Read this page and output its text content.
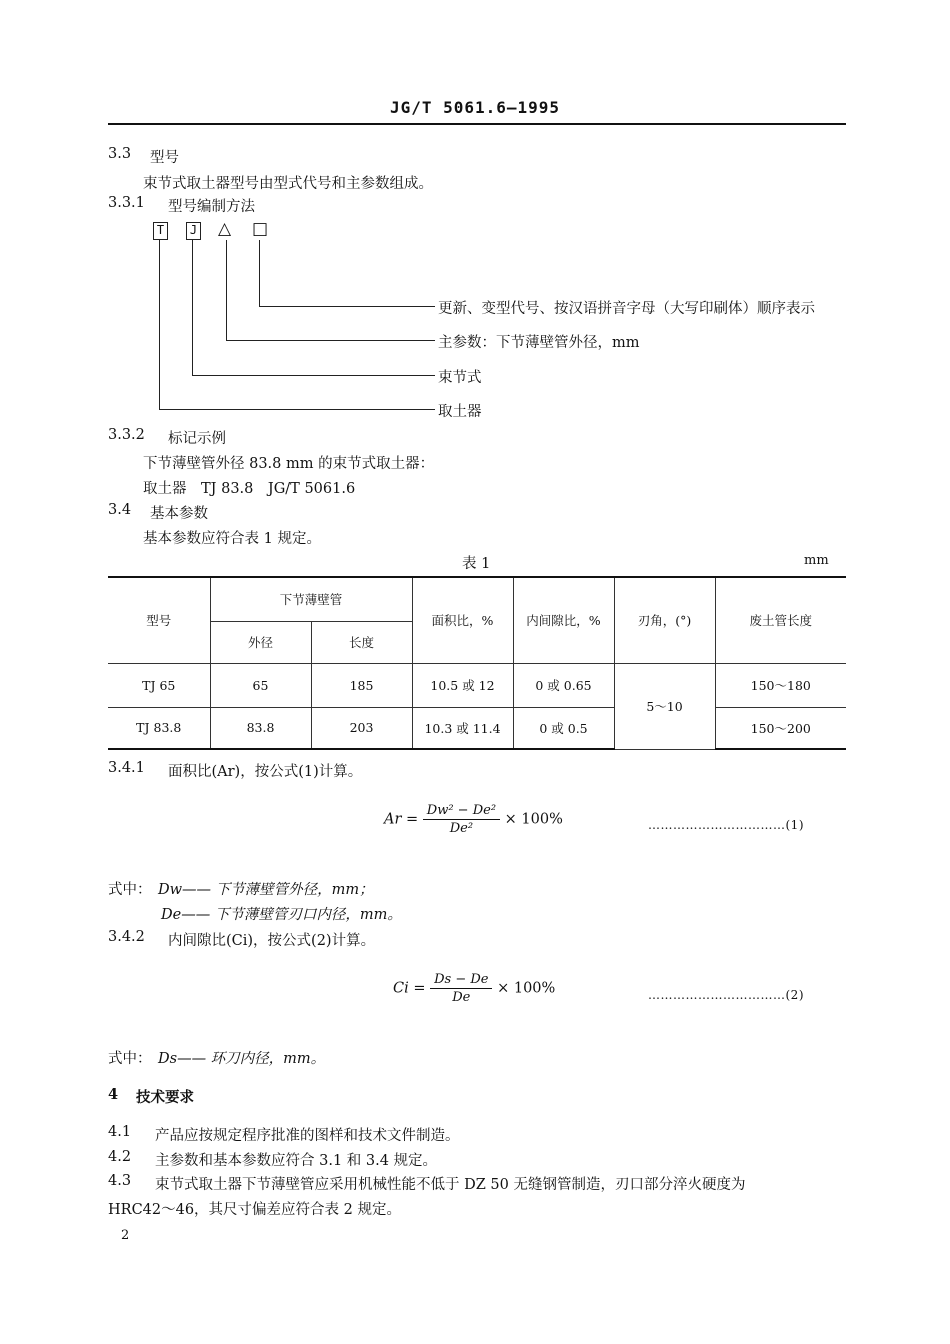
JG/T 5061.6—1995
3.3 型号
束节式取土器型号由型式代号和主参数组成。
3.3.1 型号编制方法
T	J △ □
更新、变型代号、按汉语拼音字母（大写印刷体）顺序表示
主参数：下节薄壁管外径，mm
束节式
取土器
3.3.2 标记示例
下节薄壁管外径 83.8 mm 的束节式取土器：
取土器　TJ 83.8　JG/T 5061.6
3.4 基本参数
基本参数应符合表 1 规定。
表 1	mm
型号	下节薄壁管		面积比，%	内间隙比，%	刃角，(°)	废土管长度
	外径	长度				
TJ 65	65	185	10.5 或 12	0 或 0.65	5～10	150～180
TJ 83.8	83.8	203	10.3 或 11.4	0 或 0.5		150～200
3.4.1 面积比(Ar)，按公式(1)计算。
$Ar = \frac{\text{Dw² − De²}}{\text{De²}} \times 100\%$	……………………………(1)
式中： Dw—— 下节薄壁管外径，mm；
De—— 下节薄壁管刃口内径，mm。
3.4.2 内间隙比(Ci)，按公式(2)计算。
$Ci = \frac{Ds - De}{De} \times 100\%$	……………………………(2)
式中： Ds—— 环刀内径，mm。
4 技术要求
4.1 产品应按规定程序批准的图样和技术文件制造。
4.2 主参数和基本参数应符合 3.1 和 3.4 规定。
4.3 束节式取土器下节薄壁管应采用机械性能不低于 DZ 50 无缝钢管制造，刃口部分淬火硬度为
HRC42～46，其尺寸偏差应符合表 2 规定。
2
